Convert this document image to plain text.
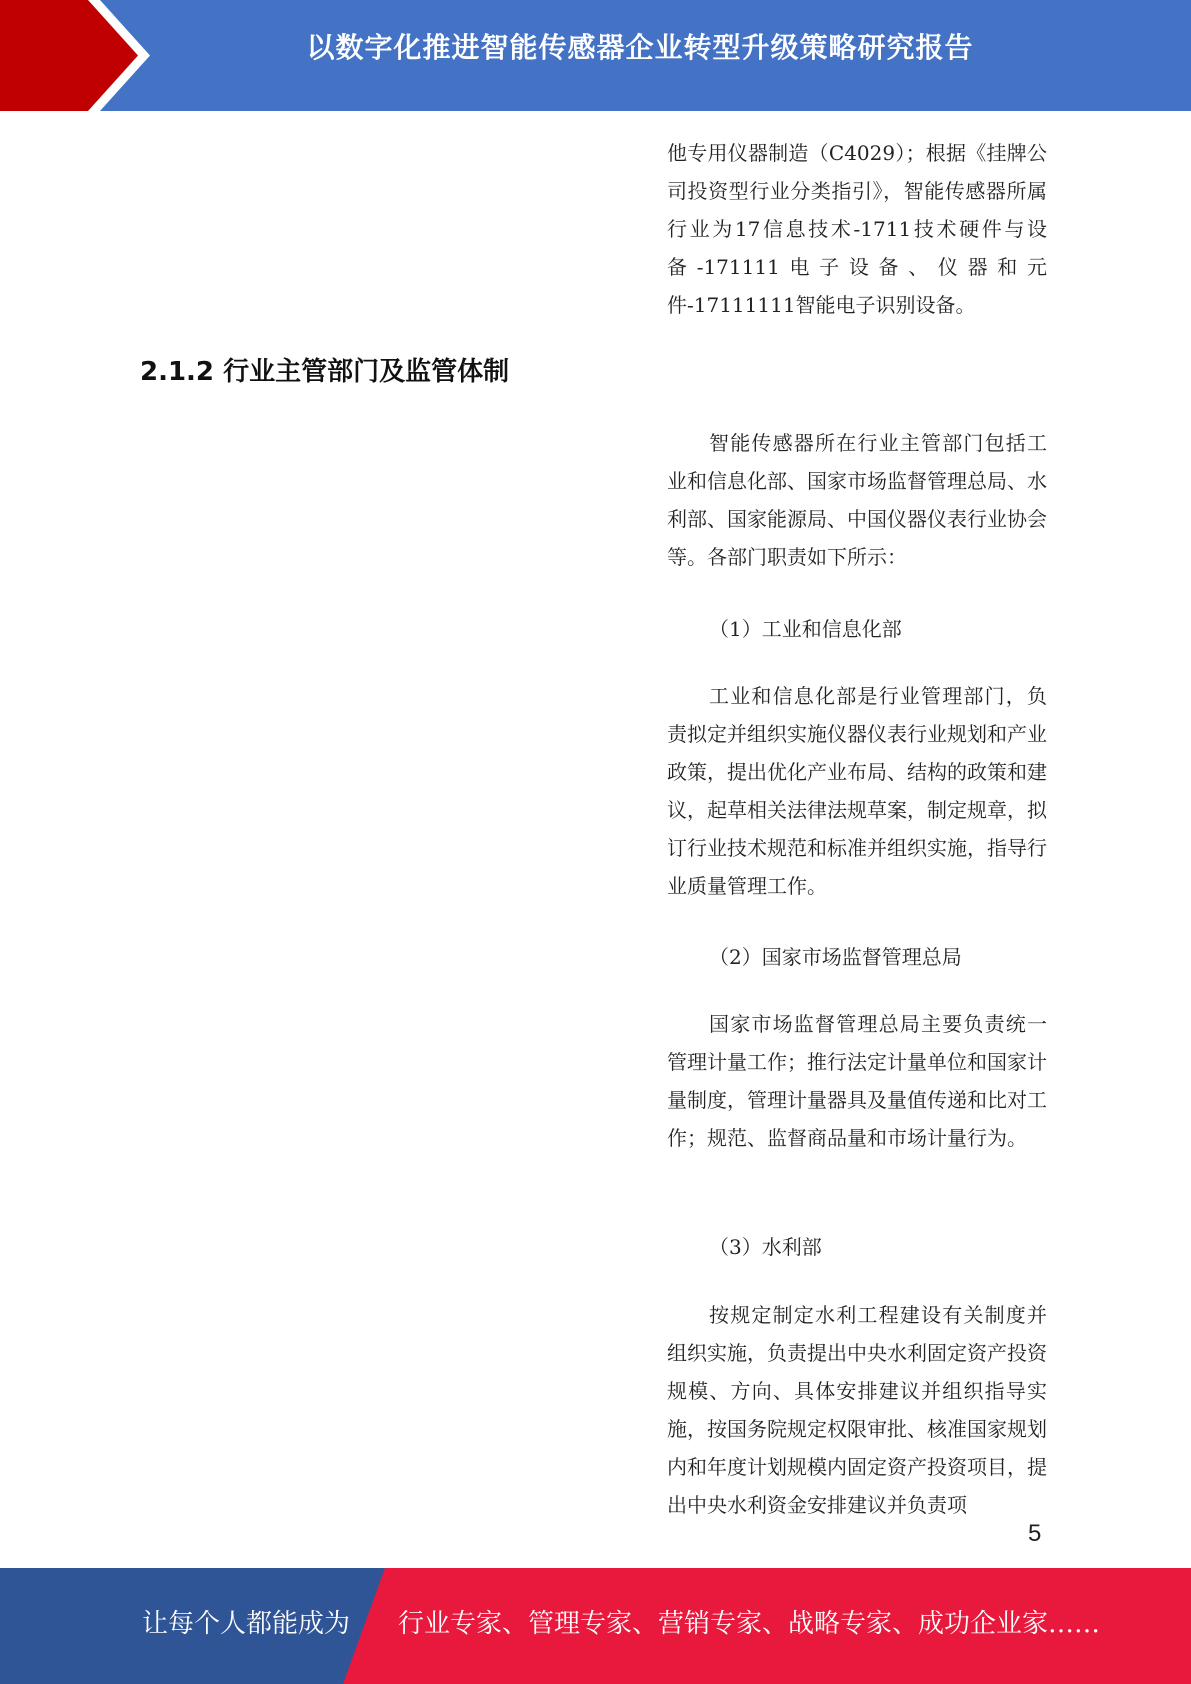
以数字化推进智能传感器企业转型升级策略研究报告

他专用仪器制造（C4029）；根据《挂牌公司投资型行业分类指引》，智能传感器所属行业为17信息技术-1711技术硬件与设备-171111电子设备、仪器和元件-17111111智能电子识别设备。

2.1.2 行业主管部门及监管体制

智能传感器所在行业主管部门包括工业和信息化部、国家市场监督管理总局、水利部、国家能源局、中国仪器仪表行业协会等。各部门职责如下所示：

（1）工业和信息化部

工业和信息化部是行业管理部门，负责拟定并组织实施仪器仪表行业规划和产业政策，提出优化产业布局、结构的政策和建议，起草相关法律法规草案，制定规章，拟订行业技术规范和标准并组织实施，指导行业质量管理工作。

（2）国家市场监督管理总局

国家市场监督管理总局主要负责统一管理计量工作；推行法定计量单位和国家计量制度，管理计量器具及量值传递和比对工作；规范、监督商品量和市场计量行为。

（3）水利部

按规定制定水利工程建设有关制度并组织实施，负责提出中央水利固定资产投资规模、方向、具体安排建议并组织指导实施，按国务院规定权限审批、核准国家规划内和年度计划规模内固定资产投资项目，提出中央水利资金安排建议并负责项

5
让每个人都能成为 行业专家、管理专家、营销专家、战略专家、成功企业家……
